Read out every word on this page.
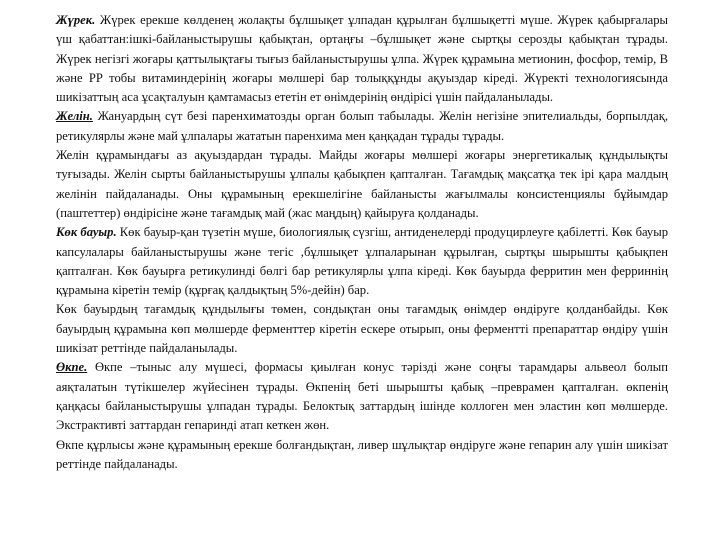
Жүрек. Жүрек ерекше көлденең жолақты бұлшықет ұлпадан құрылған бұлшықетті мүше. Жүрек қабырғалары үш қабаттан:ішкі-байланыстырушы қабықтан, ортаңғы –бұлшықет және сыртқы серозды қабықтан тұрады. Жүрек негізгі жоғары қаттылықтағы тығыз байланыстырушы ұлпа. Жүрек құрамына метионин, фосфор, темір, В және РР тобы витаминдерінің жоғары мөлшері бар толыққұнды ақуыздар кіреді. Жүректі технологиясында шикізаттың аса ұсақталуын қамтамасыз ететін ет өнімдерінің өндірісі үшін пайдаланылады.

Желін. Жануардың сүт безі паренхиматозды орган болып табылады. Желін негізіне эпителиальды, борпылдақ, ретикулярлы және май ұлпалары жататын паренхима мен қаңқадан тұрады тұрады.

Желін құрамындағы аз ақуыздардан тұрады. Майды жоғары мөлшері жоғары энергетикалық құндылықты туғызады. Желін сырты байланыстырушы ұлпалы қабықпен қапталған. Тағамдық мақсатқа тек ірі қара малдың желінін пайдаланады. Оны құрамының ерекшелігіне байланысты жағылмалы консистенциялы бұйымдар (паштеттер) өндірісіне және тағамдық май (жас маңдың) қайыруға қолданады.

Көк бауыр. Көк бауыр-қан түзетін мүше, биологиялық сүзгіш, антиденелерді продуцирлеуге қабілетті. Көк бауыр капсулалары байланыстырушы және тегіс ,бұлшықет ұлпаларынан құрылған, сыртқы шырышты қабықпен қапталған. Көк бауырға ретикулинді бөлгі бар ретикулярлы ұлпа кіреді. Көк бауырда ферритин мен ферриннің құрамына кіретін темір (құрғақ қалдықтың 5%-дейін) бар.

Көк бауырдың тағамдық құндылығы төмен, сондықтан оны тағамдық өнімдер өндіруге қолданбайды. Көк бауырдың құрамына көп мөлшерде ферменттер кіретін ескере отырып, оны ферментті препараттар өндіру үшін шикізат реттінде пайдаланылады.

Өкпе. Өкпе –тыныс алу мүшесі, формасы қиылған конус тәрізді және соңғы тарамдары альвеол болып аяқталатын түтікшелер жүйесінен тұрады. Өкпенің беті шырышты қабық –преврамен қапталған. өкпенің қаңқасы байланыстырушы ұлпадан тұрады. Белоктық заттардың ішінде коллоген мен эластин көп мөлшерде. Экстрактивті заттардан гепаринді атап кеткен жөн.

Өкпе құрлысы және құрамының ерекше болғандықтан, ливер шұлықтар өндіруге және гепарин алу үшін шикізат реттінде пайдаланады.
